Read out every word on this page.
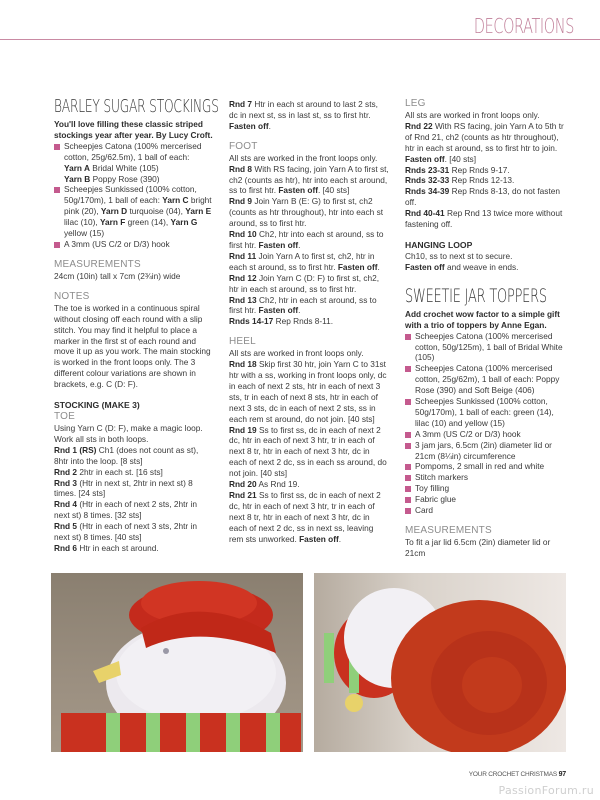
DECORATIONS
BARLEY SUGAR STOCKINGS
You'll love filling these classic striped stockings year after year. By Lucy Croft.
Scheepjes Catona (100% mercerised cotton, 25g/62.5m), 1 ball of each:
Yarn A Bridal White (105)
Yarn B Poppy Rose (390)
Scheepjes Sunkissed (100% cotton, 50g/170m), 1 ball of each: Yarn C bright pink (20), Yarn D turquoise (04), Yarn E lilac (10), Yarn F green (14), Yarn G yellow (15)
A 3mm (US C/2 or D/3) hook
MEASUREMENTS
24cm (10in) tall x 7cm (2¾in) wide
NOTES
The toe is worked in a continuous spiral without closing off each round with a slip stitch. You may find it helpful to place a marker in the first st of each round and move it up as you work. The main stocking is worked in the front loops only. The 3 different colour variations are shown in brackets, e.g. C (D: F).
STOCKING (MAKE 3)
TOE
Using Yarn C (D: F), make a magic loop. Work all sts in both loops.
Rnd 1 (RS) Ch1 (does not count as st), 8htr into the loop. [8 sts]
Rnd 2 2htr in each st. [16 sts]
Rnd 3 (Htr in next st, 2htr in next st) 8 times. [24 sts]
Rnd 4 (Htr in each of next 2 sts, 2htr in next st) 8 times. [32 sts]
Rnd 5 (Htr in each of next 3 sts, 2htr in next st) 8 times. [40 sts]
Rnd 6 Htr in each st around.
Rnd 7 Htr in each st around to last 2 sts, dc in next st, ss in last st, ss to first htr.
Fasten off.
FOOT
All sts are worked in the front loops only.
Rnd 8 With RS facing, join Yarn A to first st, ch2 (counts as htr), htr into each st around, ss to first htr. Fasten off. [40 sts]
Rnd 9 Join Yarn B (E: G) to first st, ch2 (counts as htr throughout), htr into each st around, ss to first htr.
Rnd 10 Ch2, htr into each st around, ss to first htr. Fasten off.
Rnd 11 Join Yarn A to first st, ch2, htr in each st around, ss to first htr. Fasten off.
Rnd 12 Join Yarn C (D: F) to first st, ch2, htr in each st around, ss to first htr.
Rnd 13 Ch2, htr in each st around, ss to first htr. Fasten off.
Rnds 14-17 Rep Rnds 8-11.
HEEL
All sts are worked in front loops only.
Rnd 18 Skip first 30 htr, join Yarn C to 31st htr with a ss, working in front loops only, dc in each of next 2 sts, htr in each of next 3 sts, tr in each of next 8 sts, htr in each of next 3 sts, dc in each of next 2 sts, ss in each rem st around, do not join. [40 sts]
Rnd 19 Ss to first ss, dc in each of next 2 dc, htr in each of next 3 htr, tr in each of next 8 tr, htr in each of next 3 htr, dc in each of next 2 dc, ss in each ss around, do not join. [40 sts]
Rnd 20 As Rnd 19.
Rnd 21 Ss to first ss, dc in each of next 2 dc, htr in each of next 3 htr, tr in each of next 8 tr, htr in each of next 3 htr, dc in each of next 2 dc, ss in next ss, leaving rem sts unworked. Fasten off.
LEG
All sts are worked in front loops only.
Rnd 22 With RS facing, join Yarn A to 5th tr of Rnd 21, ch2 (counts as htr throughout), htr in each st around, ss to first htr to join.
Fasten off. [40 sts]
Rnds 23-31 Rep Rnds 9-17.
Rnds 32-33 Rep Rnds 12-13.
Rnds 34-39 Rep Rnds 8-13, do not fasten off.
Rnd 40-41 Rep Rnd 13 twice more without fastening off.
HANGING LOOP
Ch10, ss to next st to secure.
Fasten off and weave in ends.
SWEETIE JAR TOPPERS
Add crochet wow factor to a simple gift with a trio of toppers by Anne Egan.
Scheepjes Catona (100% mercerised cotton, 50g/125m), 1 ball of Bridal White (105)
Scheepjes Catona (100% mercerised cotton, 25g/62m), 1 ball of each: Poppy Rose (390) and Soft Beige (406)
Scheepjes Sunkissed (100% cotton, 50g/170m), 1 ball of each: green (14), lilac (10) and yellow (15)
A 3mm (US C/2 or D/3) hook
3 jam jars, 6.5cm (2in) diameter lid or 21cm (8¼in) circumference
Pompoms, 2 small in red and white
Stitch markers
Toy filling
Fabric glue
Card
MEASUREMENTS
To fit a jar lid 6.5cm (2in) diameter lid or 21cm
YOUR CROCHET CHRISTMAS 97
PassionForum.ru
